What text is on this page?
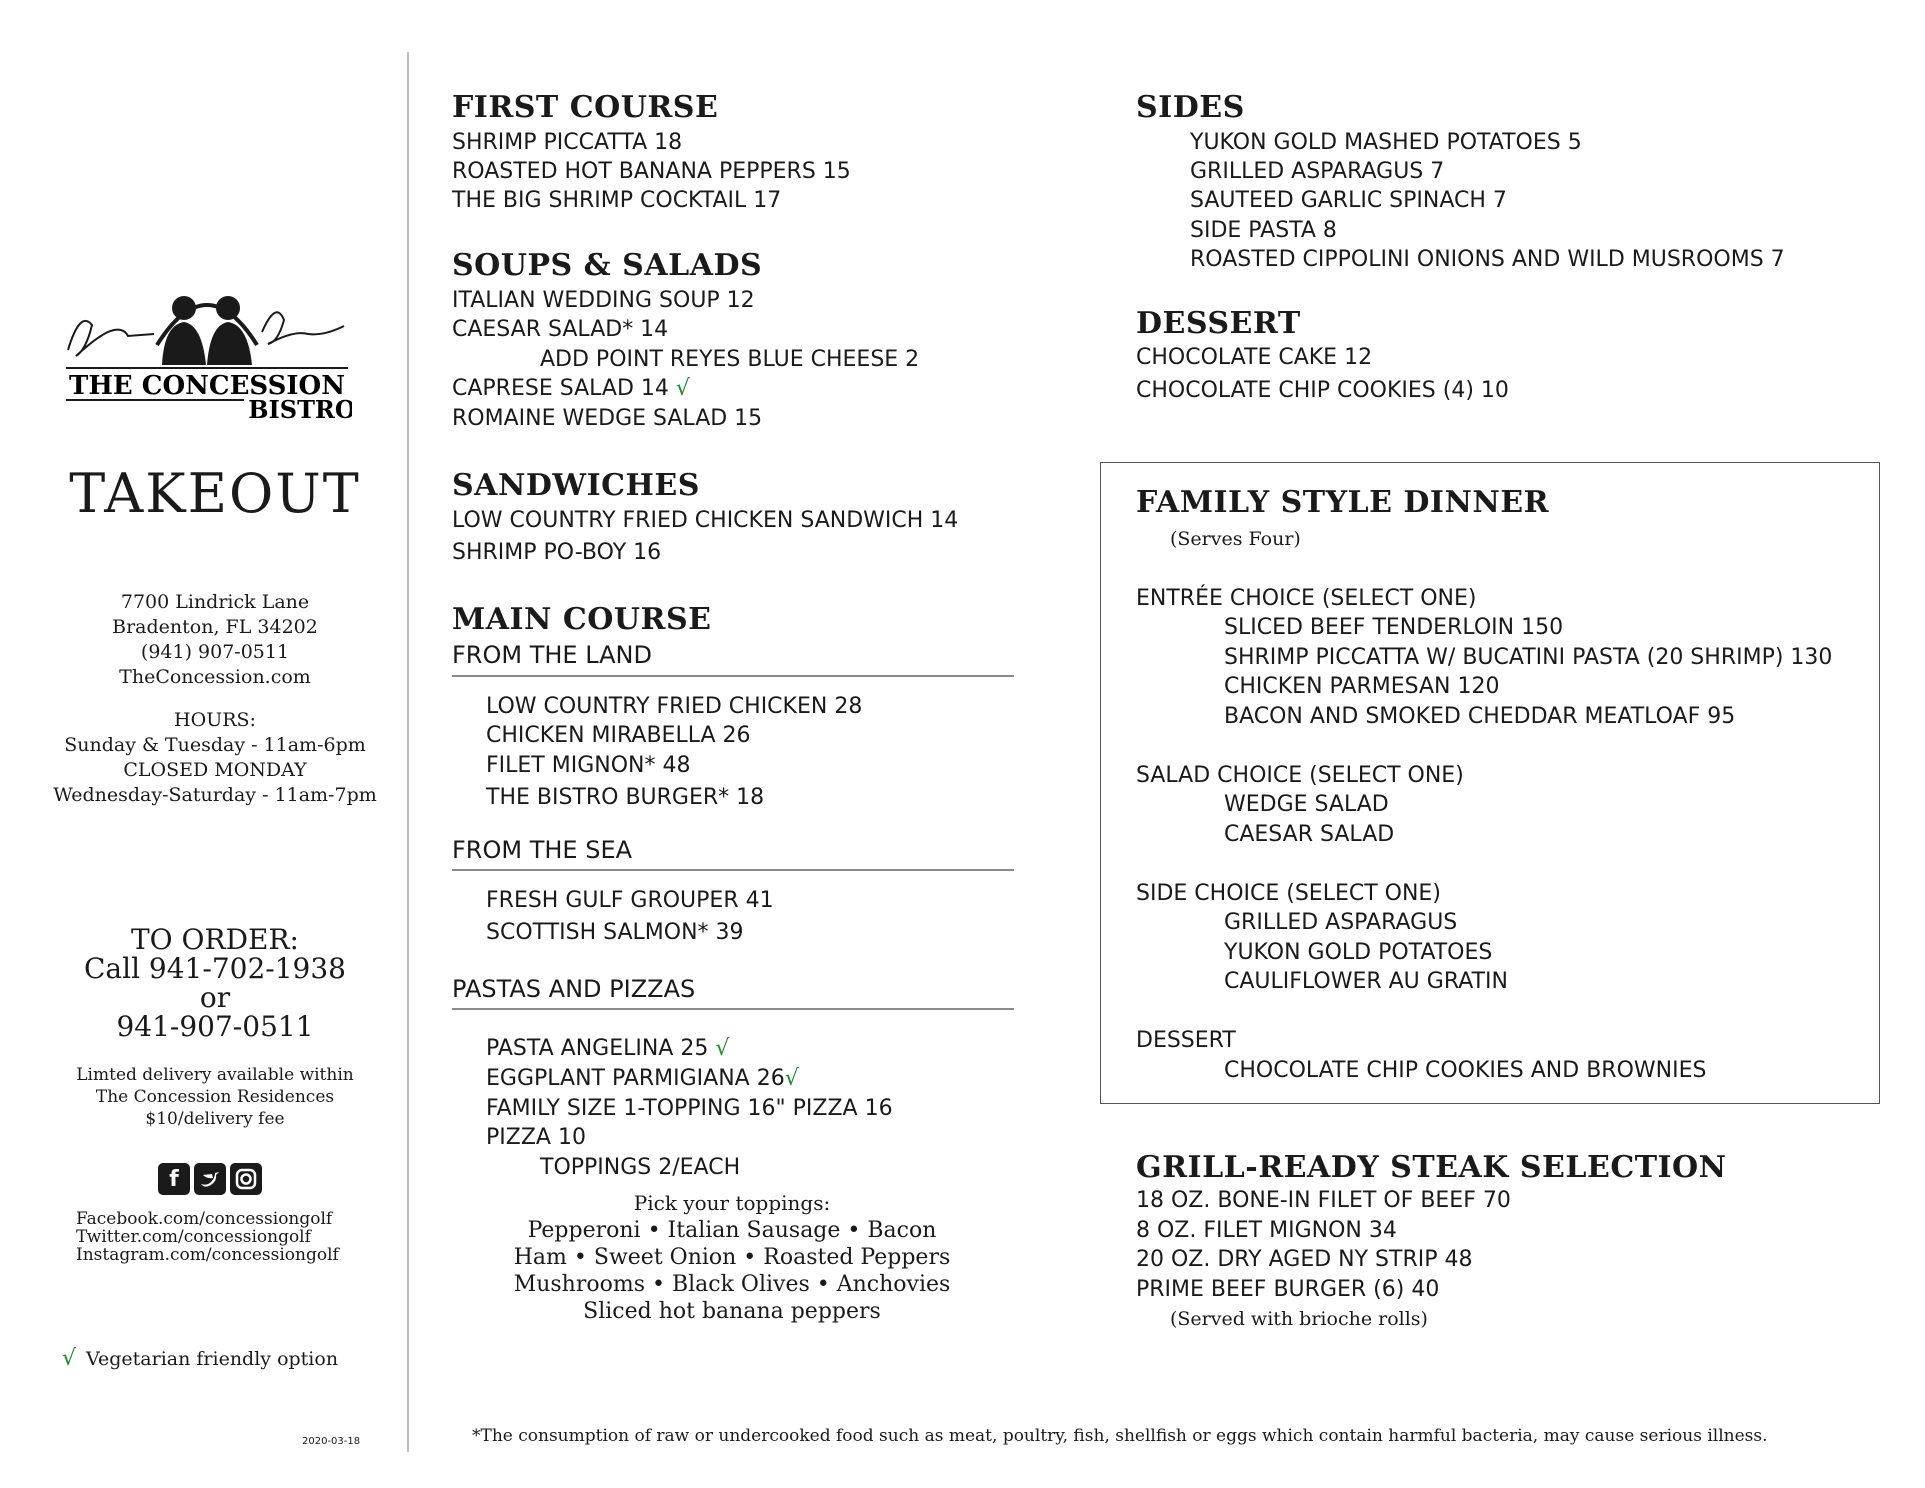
THE CONCESSION
BISTRO
TAKEOUT
7700 Lindrick Lane
Bradenton, FL 34202
(941) 907-0511
TheConcession.com
HOURS:
Sunday & Tuesday - 11am-6pm
CLOSED MONDAY
Wednesday-Saturday - 11am-7pm
TO ORDER:
Call 941-702-1938
or
941-907-0511
Limted delivery available within
The Concession Residences
$10/delivery fee
f
Facebook.com/concessiongolf
Twitter.com/concessiongolf
Instagram.com/concessiongolf
√ Vegetarian friendly option
2020-03-18
FIRST COURSE
SHRIMP PICCATTA 18
ROASTED HOT BANANA PEPPERS 15
THE BIG SHRIMP COCKTAIL 17
SOUPS & SALADS
ITALIAN WEDDING SOUP 12
CAESAR SALAD* 14
ADD POINT REYES BLUE CHEESE 2
CAPRESE SALAD 14 √
ROMAINE WEDGE SALAD 15
SANDWICHES
LOW COUNTRY FRIED CHICKEN SANDWICH 14
SHRIMP PO-BOY 16
MAIN COURSE
FROM THE LAND
LOW COUNTRY FRIED CHICKEN 28
CHICKEN MIRABELLA 26
FILET MIGNON* 48
THE BISTRO BURGER* 18
FROM THE SEA
FRESH GULF GROUPER 41
SCOTTISH SALMON* 39
PASTAS AND PIZZAS
PASTA ANGELINA 25 √
EGGPLANT PARMIGIANA 26√
FAMILY SIZE 1-TOPPING 16" PIZZA 16
PIZZA 10
TOPPINGS 2/EACH
Pick your toppings:
Pepperoni • Italian Sausage • Bacon
Ham • Sweet Onion • Roasted Peppers
Mushrooms • Black Olives • Anchovies
Sliced hot banana peppers
SIDES
YUKON GOLD MASHED POTATOES 5
GRILLED ASPARAGUS 7
SAUTEED GARLIC SPINACH 7
SIDE PASTA 8
ROASTED CIPPOLINI ONIONS AND WILD MUSROOMS 7
DESSERT
CHOCOLATE CAKE 12
CHOCOLATE CHIP COOKIES (4) 10
FAMILY STYLE DINNER
(Serves Four)
ENTRÉE CHOICE (SELECT ONE)
SLICED BEEF TENDERLOIN 150
SHRIMP PICCATTA W/ BUCATINI PASTA (20 SHRIMP) 130
CHICKEN PARMESAN 120
BACON AND SMOKED CHEDDAR MEATLOAF 95
SALAD CHOICE (SELECT ONE)
WEDGE SALAD
CAESAR SALAD
SIDE CHOICE (SELECT ONE)
GRILLED ASPARAGUS
YUKON GOLD POTATOES
CAULIFLOWER AU GRATIN
DESSERT
CHOCOLATE CHIP COOKIES AND BROWNIES
GRILL-READY STEAK SELECTION
18 OZ. BONE-IN FILET OF BEEF 70
8 OZ. FILET MIGNON 34
20 OZ. DRY AGED NY STRIP 48
PRIME BEEF BURGER (6) 40
(Served with brioche rolls)
*The consumption of raw or undercooked food such as meat, poultry, fish, shellfish or eggs which contain harmful bacteria, may cause serious illness.
